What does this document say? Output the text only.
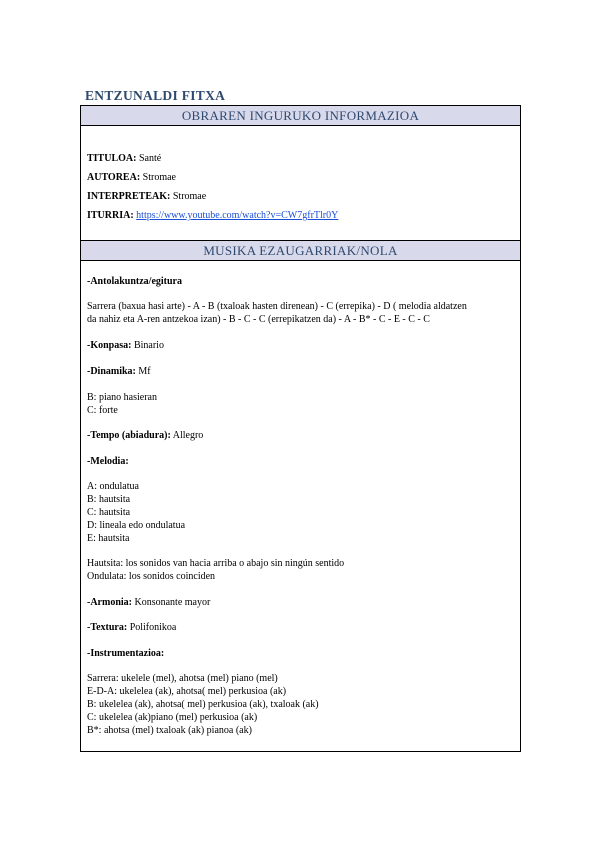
ENTZUNALDI FITXA
OBRAREN INGURUKO INFORMAZIOA
TITULOA: Santé
AUTOREA: Stromae
INTERPRETEAK: Stromae
ITURRIA: https://www.youtube.com/watch?v=CW7gfrTlr0Y
MUSIKA EZAUGARRIAK/NOLA
-Antolakuntza/egitura
Sarrera (baxua hasi arte) - A - B (txaloak hasten direnean) - C (errepika) - D ( melodia aldatzen
da nahiz eta A-ren antzekoa izan) - B - C - C (errepikatzen da) - A - B* - C - E - C - C
-Konpasa: Binario
-Dinamika: Mf
B: piano hasieran
C: forte
-Tempo (abiadura): Allegro
-Melodia:
A: ondulatua
B: hautsita
C: hautsita
D: lineala edo ondulatua
E: hautsita
Hautsita: los sonidos van hacia arriba o abajo sin ningún sentido
Ondulata: los sonidos coinciden
-Armonia: Konsonante mayor
-Textura: Polifonikoa
-Instrumentazioa:
Sarrera: ukelele (mel), ahotsa (mel) piano (mel)
E-D-A: ukelelea (ak), ahotsa( mel) perkusioa (ak)
B: ukelelea (ak), ahotsa( mel) perkusioa (ak), txaloak (ak)
C: ukelelea (ak)piano (mel) perkusioa (ak)
B*: ahotsa (mel) txaloak (ak) pianoa (ak)
